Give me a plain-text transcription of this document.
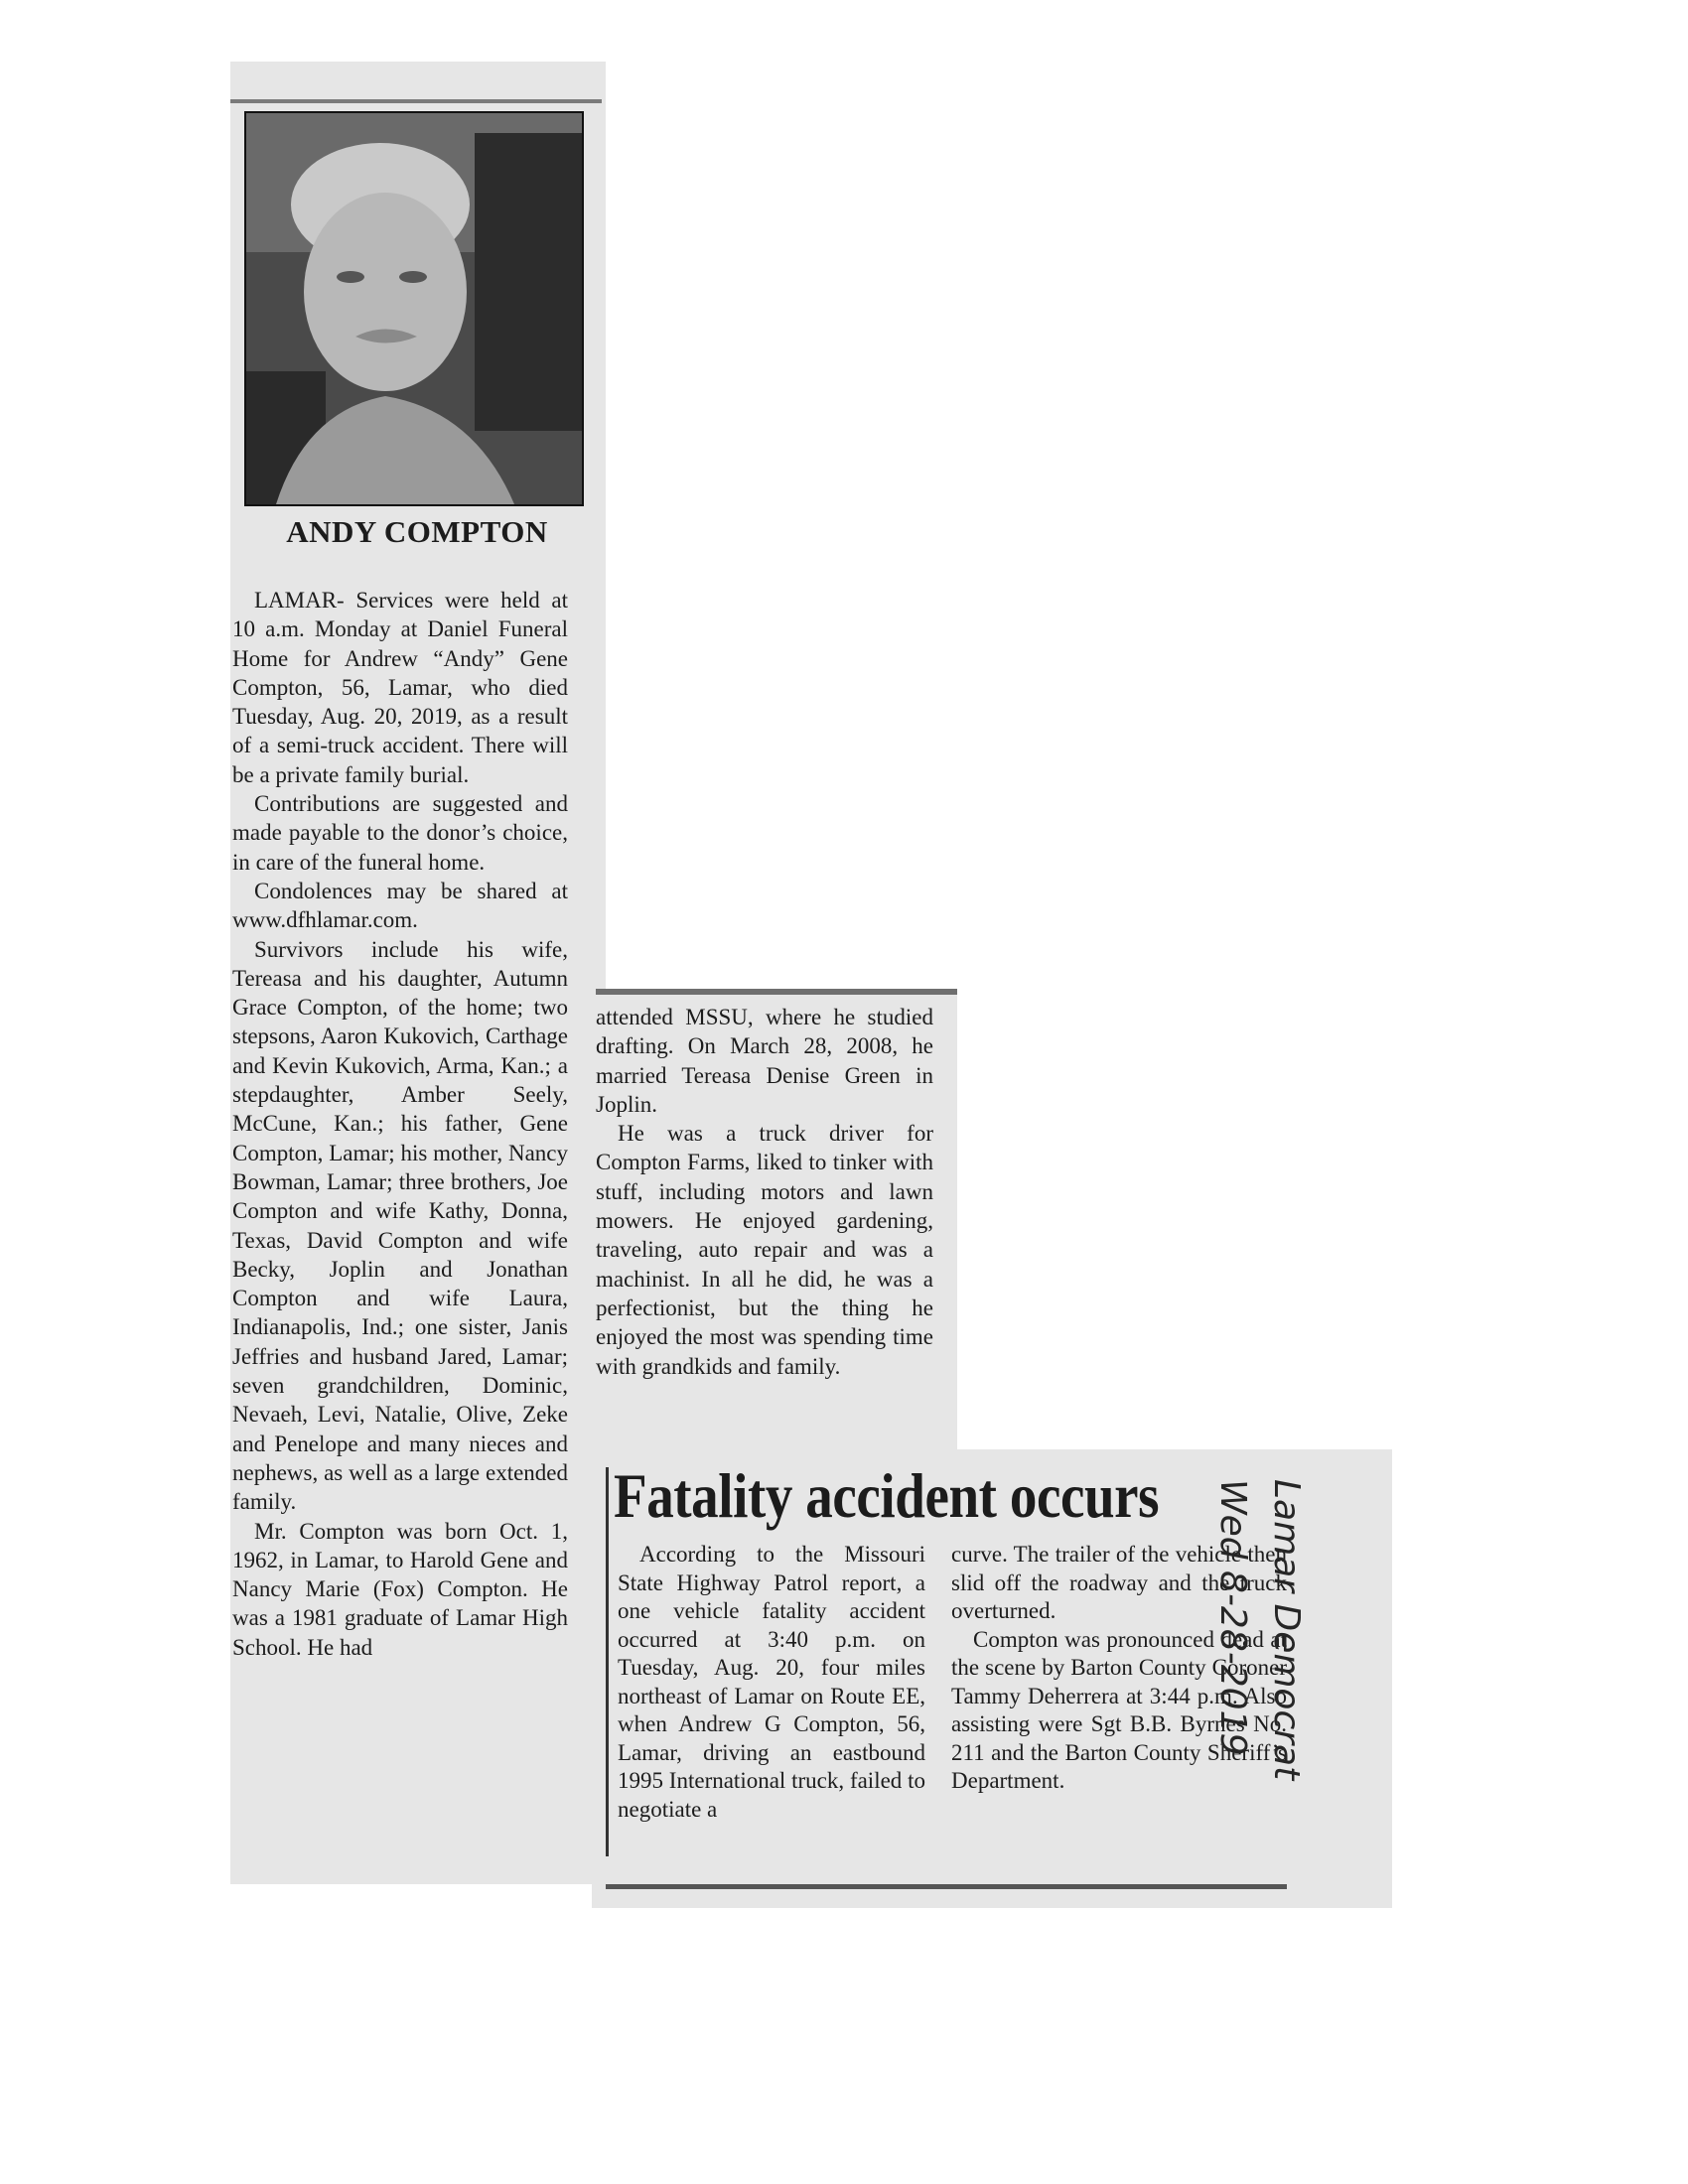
ANDY COMPTON

LAMAR- Services were held at 10 a.m. Monday at Daniel Funeral Home for Andrew “Andy” Gene Compton, 56, Lamar, who died Tuesday, Aug. 20, 2019, as a result of a semi-truck accident. There will be a private family burial.

Contributions are suggested and made payable to the donor’s choice, in care of the funeral home.

Condolences may be shared at www.dfhlamar.com.

Survivors include his wife, Tereasa and his daughter, Autumn Grace Compton, of the home; two stepsons, Aaron Kukovich, Carthage and Kevin Kukovich, Arma, Kan.; a stepdaughter, Amber Seely, McCune, Kan.; his father, Gene Compton, Lamar; his mother, Nancy Bowman, Lamar; three brothers, Joe Compton and wife Kathy, Donna, Texas, David Compton and wife Becky, Joplin and Jonathan Compton and wife Laura, Indianapolis, Ind.; one sister, Janis Jeffries and husband Jared, Lamar; seven grandchildren, Dominic, Nevaeh, Levi, Natalie, Olive, Zeke and Penelope and many nieces and nephews, as well as a large extended family.

Mr. Compton was born Oct. 1, 1962, in Lamar, to Harold Gene and Nancy Marie (Fox) Compton. He was a 1981 graduate of Lamar High School. He had

attended MSSU, where he studied drafting. On March 28, 2008, he married Tereasa Denise Green in Joplin.

He was a truck driver for Compton Farms, liked to tinker with stuff, including motors and lawn mowers. He enjoyed gardening, traveling, auto repair and was a machinist. In all he did, he was a perfectionist, but the thing he enjoyed the most was spending time with grandkids and family.

Fatality accident occurs

According to the Missouri State Highway Patrol report, a one vehicle fatality accident occurred at 3:40 p.m. on Tuesday, Aug. 20, four miles northeast of Lamar on Route EE, when Andrew G Compton, 56, Lamar, driving an eastbound 1995 International truck, failed to negotiate a

curve. The trailer of the vehicle then slid off the roadway and the truck overturned.

Compton was pronounced dead at the scene by Barton County Coroner Tammy Deherrera at 3:44 p.m. Also assisting were Sgt B.B. Byrnes No. 211 and the Barton County Sheriff’s Department.

Lamar Democrat
Wed 8-28-2019
